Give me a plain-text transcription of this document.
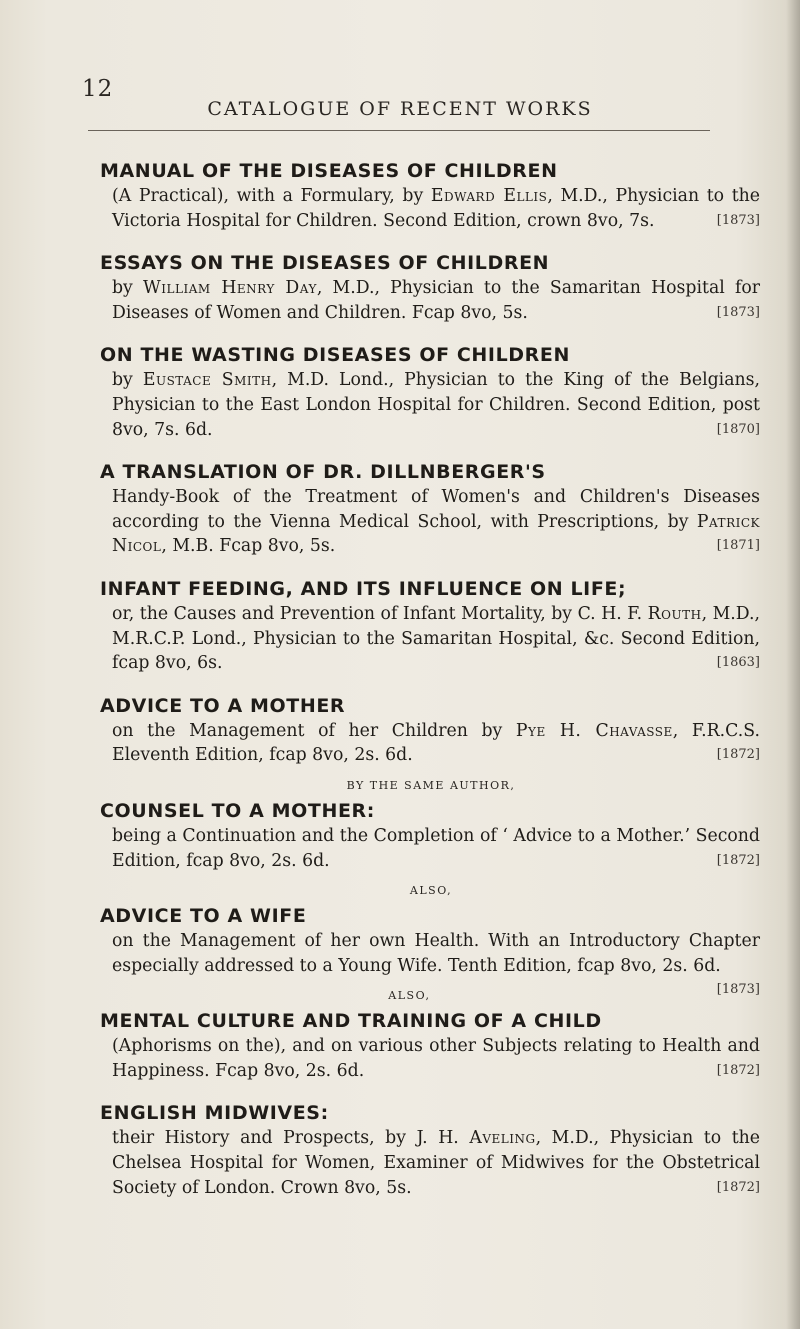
12
CATALOGUE OF RECENT WORKS
MANUAL OF THE DISEASES OF CHILDREN
(A Practical), with a Formulary, by Edward Ellis, M.D., Physician to the Victoria Hospital for Children. Second Edition, crown 8vo, 7s.	[1873]
ESSAYS ON THE DISEASES OF CHILDREN
by William Henry Day, M.D., Physician to the Samaritan Hospital for Diseases of Women and Children. Fcap 8vo, 5s.	[1873]
ON THE WASTING DISEASES OF CHILDREN
by Eustace Smith, M.D. Lond., Physician to the King of the Belgians, Physician to the East London Hospital for Children. Second Edition, post 8vo, 7s. 6d.	[1870]
A TRANSLATION OF DR. DILLNBERGER'S
Handy-Book of the Treatment of Women's and Children's Diseases according to the Vienna Medical School, with Prescriptions, by Patrick Nicol, M.B. Fcap 8vo, 5s.	[1871]
INFANT FEEDING, AND ITS INFLUENCE ON LIFE;
or, the Causes and Prevention of Infant Mortality, by C. H. F. Routh, M.D., M.R.C.P. Lond., Physician to the Samaritan Hospital, &c. Second Edition, fcap 8vo, 6s.	[1863]
ADVICE TO A MOTHER
on the Management of her Children by Pye H. Chavasse, F.R.C.S. Eleventh Edition, fcap 8vo, 2s. 6d.	[1872]
BY THE SAME AUTHOR,
COUNSEL TO A MOTHER:
being a Continuation and the Completion of ‘ Advice to a Mother.’ Second Edition, fcap 8vo, 2s. 6d.	[1872]
ALSO,
ADVICE TO A WIFE
on the Management of her own Health. With an Introductory Chapter especially addressed to a Young Wife. Tenth Edition, fcap 8vo, 2s. 6d.
[1873]
ALSO,
MENTAL CULTURE AND TRAINING OF A CHILD
(Aphorisms on the), and on various other Subjects relating to Health and Happiness. Fcap 8vo, 2s. 6d.	[1872]
ENGLISH MIDWIVES:
their History and Prospects, by J. H. Aveling, M.D., Physician to the Chelsea Hospital for Women, Examiner of Midwives for the Obstetrical Society of London. Crown 8vo, 5s.	[1872]
